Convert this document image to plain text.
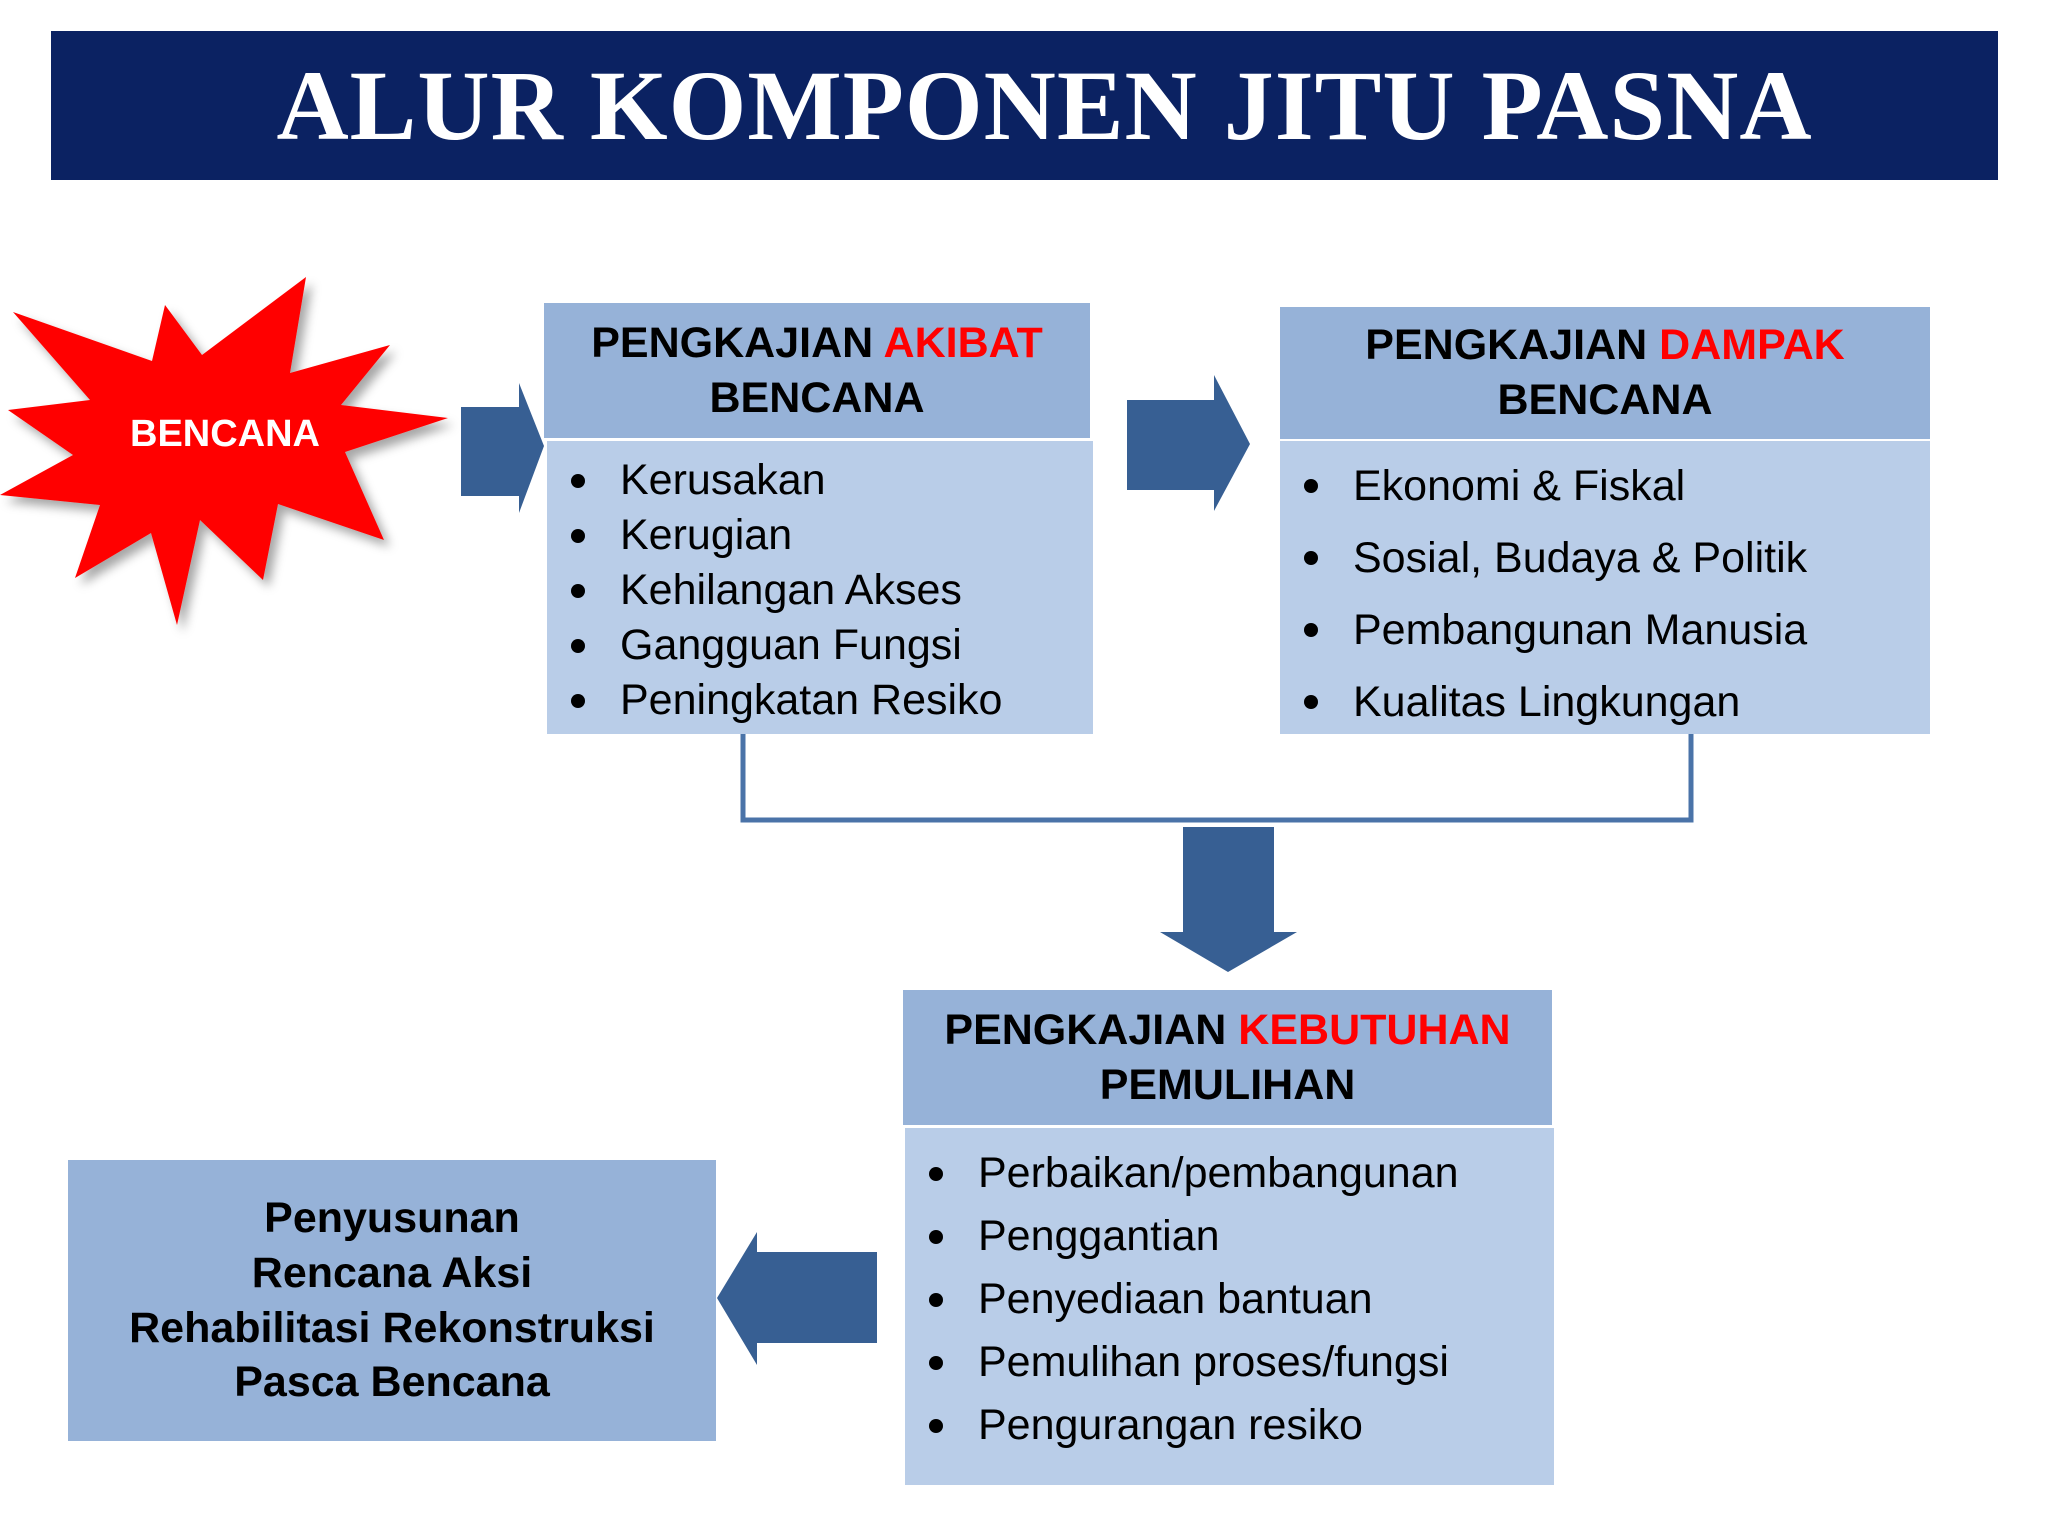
ALUR KOMPONEN JITU PASNA
BENCANA
PENGKAJIAN AKIBAT
BENCANA
Kerusakan
Kerugian
Kehilangan Akses
Gangguan Fungsi
Peningkatan Resiko
PENGKAJIAN DAMPAK
BENCANA
Ekonomi & Fiskal
Sosial, Budaya & Politik
Pembangunan Manusia
Kualitas Lingkungan
PENGKAJIAN KEBUTUHAN
PEMULIHAN
Perbaikan/pembangunan
Penggantian
Penyediaan bantuan
Pemulihan proses/fungsi
Pengurangan resiko
Penyusunan
Rencana Aksi
Rehabilitasi Rekonstruksi
Pasca Bencana
